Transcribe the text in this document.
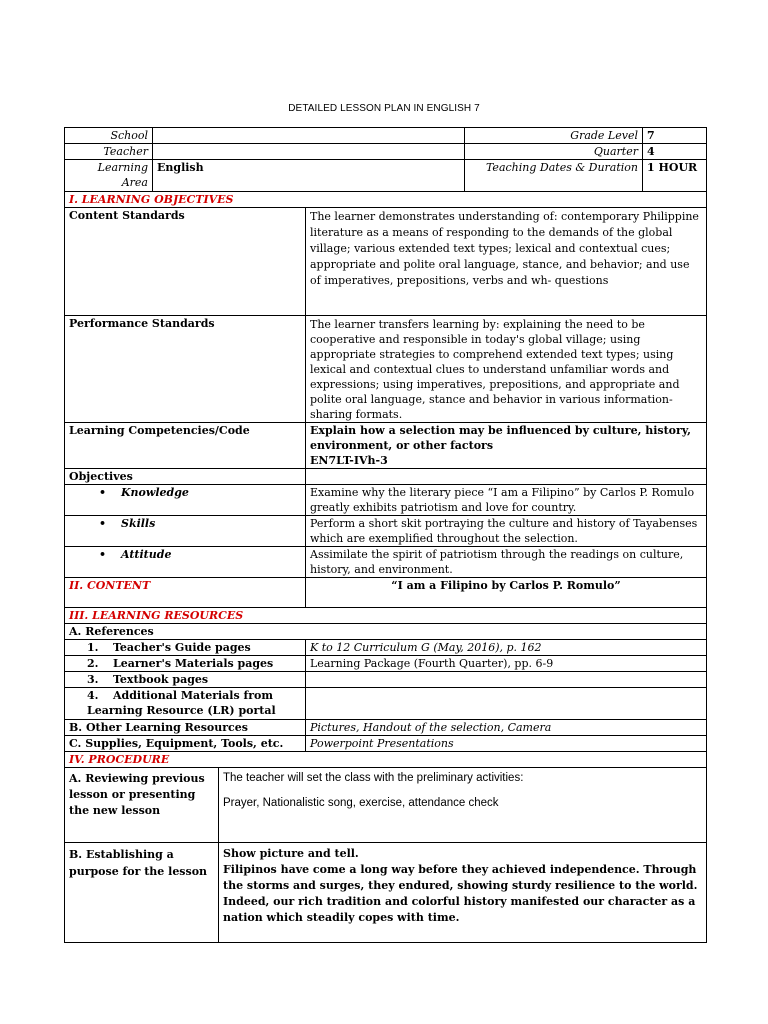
DETAILED LESSON PLAN IN ENGLISH 7
School		Grade Level	7
Teacher		Quarter	4
Learning Area	English	Teaching Dates & Duration	1 HOUR
I. LEARNING OBJECTIVES	
Content Standards	The learner demonstrates understanding of: contemporary Philippine literature as a means of responding to the demands of the global village; various extended text types; lexical and contextual cues; appropriate and polite oral language, stance, and behavior; and use of imperatives, prepositions, verbs and wh- questions
Performance Standards	The learner transfers learning by: explaining the need to be cooperative and responsible in today's global village; using appropriate strategies to comprehend extended text types; using lexical and contextual clues to understand unfamiliar words and expressions; using imperatives, prepositions, and appropriate and polite oral language, stance and behavior in various information-sharing formats.
Learning Competencies/Code	Explain how a selection may be influenced by culture, history, environment, or other factors
EN7LT-IVh-3
Objectives	
• Knowledge	Examine why the literary piece “I am a Filipino” by Carlos P. Romulo greatly exhibits patriotism and love for country.
• Skills	Perform a short skit portraying the culture and history of Tayabenses which are exemplified throughout the selection.
• Attitude	Assimilate the spirit of patriotism through the readings on culture, history, and environment.
II. CONTENT	“I am a Filipino by Carlos P. Romulo”
III. LEARNING RESOURCES	
A. References	
1. Teacher's Guide pages	K to 12 Curriculum G (May, 2016), p. 162
2. Learner's Materials pages	Learning Package (Fourth Quarter), pp. 6-9
3. Textbook pages	
4. Additional Materials from Learning Resource (LR) portal	
B. Other Learning Resources	Pictures, Handout of the selection, Camera
C. Supplies, Equipment, Tools, etc.	Powerpoint Presentations
IV. PROCEDURE	
A. Reviewing previous lesson or presenting the new lesson	The teacher will set the class with the preliminary activities:
Prayer, Nationalistic song, exercise, attendance check

B. Establishing a purpose for the lesson	Show picture and tell.
Filipinos have come a long way before they achieved independence. Through the storms and surges, they endured, showing sturdy resilience to the world. Indeed, our rich tradition and colorful history manifested our character as a nation which steadily copes with time.
